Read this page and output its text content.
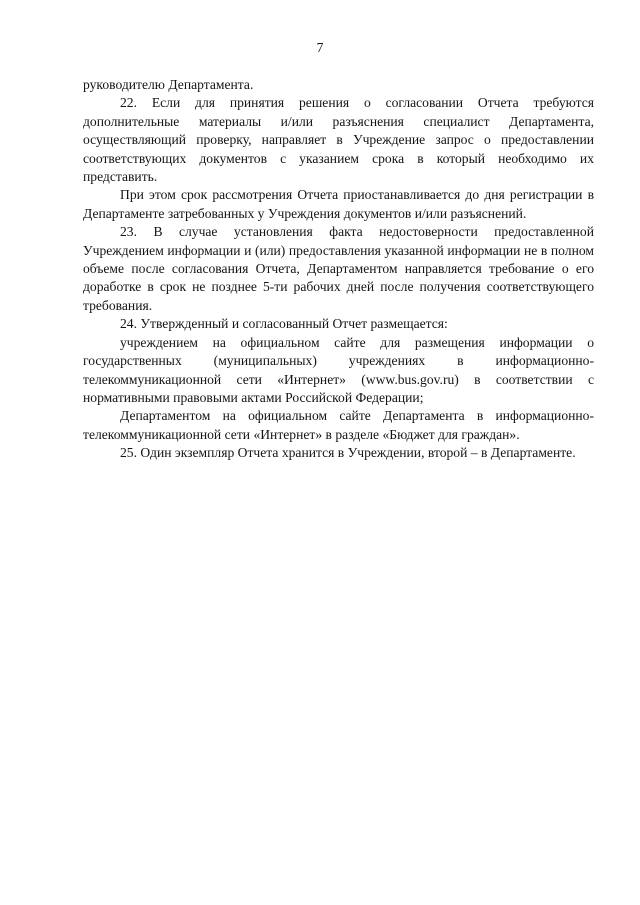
7

руководителю Департамента.

22. Если для принятия решения о согласовании Отчета требуются дополнительные материалы и/или разъяснения специалист Департамента, осуществляющий проверку, направляет в Учреждение запрос о предоставлении соответствующих документов с указанием срока в который необходимо их представить.

При этом срок рассмотрения Отчета приостанавливается до дня регистрации в Департаменте затребованных у Учреждения документов и/или разъяснений.

23. В случае установления факта недостоверности предоставленной Учреждением информации и (или) предоставления указанной информации не в полном объеме после согласования Отчета, Департаментом направляется требование о его доработке в срок не позднее 5-ти рабочих дней после получения соответствующего требования.

24. Утвержденный и согласованный Отчет размещается:

учреждением на официальном сайте для размещения информации о государственных (муниципальных) учреждениях в информационно-телекоммуникационной сети «Интернет» (www.bus.gov.ru) в соответствии с нормативными правовыми актами Российской Федерации;

Департаментом на официальном сайте Департамента в информационно-телекоммуникационной сети «Интернет» в разделе «Бюджет для граждан».

25. Один экземпляр Отчета хранится в Учреждении, второй – в Департаменте.
